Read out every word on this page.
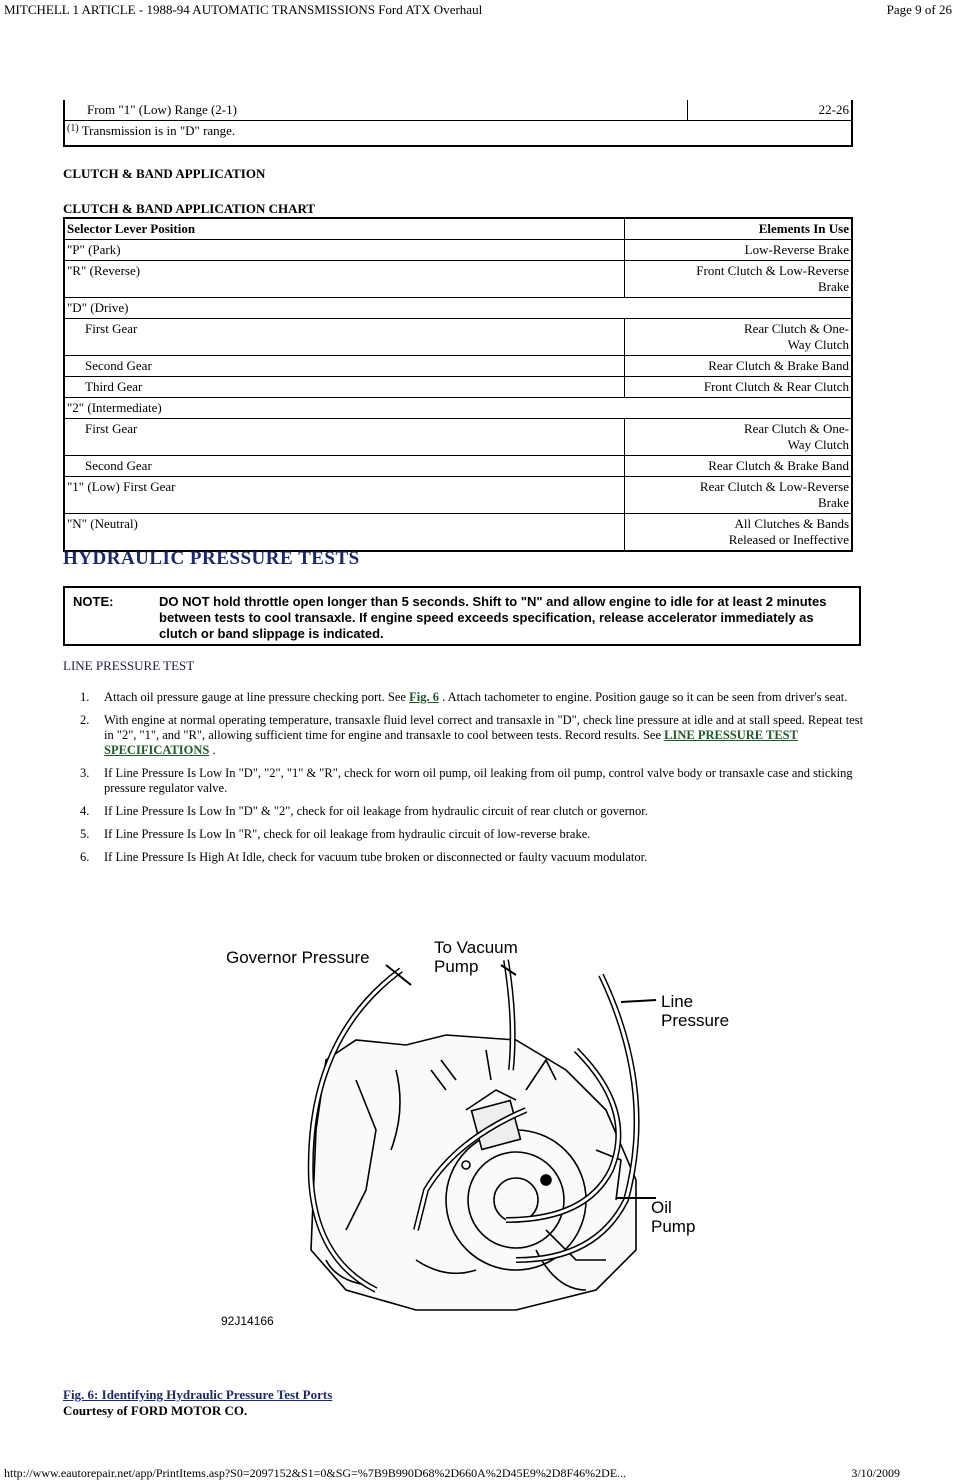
MITCHELL 1 ARTICLE - 1988-94 AUTOMATIC TRANSMISSIONS Ford ATX Overhaul	Page 9 of 26
From "1" (Low) Range (2-1)	22-26
$^{(1)}$ Transmission is in "D" range.
CLUTCH & BAND APPLICATION
CLUTCH & BAND APPLICATION CHART
Selector Lever Position	Elements In Use
"P" (Park)	Low-Reverse Brake
"R" (Reverse)	Front Clutch & Low-Reverse Brake
"D" (Drive)	
First Gear	Rear Clutch & One-Way Clutch
Second Gear	Rear Clutch & Brake Band
Third Gear	Front Clutch & Rear Clutch
"2" (Intermediate)	
First Gear	Rear Clutch & One-Way Clutch
Second Gear	Rear Clutch & Brake Band
"1" (Low) First Gear	Rear Clutch & Low-Reverse Brake
"N" (Neutral)	All Clutches & Bands Released or Ineffective
HYDRAULIC PRESSURE TESTS
NOTE:	DO NOT hold throttle open longer than 5 seconds. Shift to "N" and allow engine to idle for at least 2 minutes between tests to cool transaxle. If engine speed exceeds specification, release accelerator immediately as clutch or band slippage is indicated.
LINE PRESSURE TEST
1. Attach oil pressure gauge at line pressure checking port. See Fig. 6 . Attach tachometer to engine. Position gauge so it can be seen from driver's seat.
2. With engine at normal operating temperature, transaxle fluid level correct and transaxle in "D", check line pressure at idle and at stall speed. Repeat test in "2", "1", and "R", allowing sufficient time for engine and transaxle to cool between tests. Record results. See LINE PRESSURE TEST SPECIFICATIONS .
3. If Line Pressure Is Low In "D", "2", "1" & "R", check for worn oil pump, oil leaking from oil pump, control valve body or transaxle case and sticking pressure regulator valve.
4. If Line Pressure Is Low In "D" & "2", check for oil leakage from hydraulic circuit of rear clutch or governor.
5. If Line Pressure Is Low In "R", check for oil leakage from hydraulic circuit of low-reverse brake.
6. If Line Pressure Is High At Idle, check for vacuum tube broken or disconnected or faulty vacuum modulator.
Governor Pressure
To Vacuum
Pump
Line
Pressure
Oil
Pump
92J14166
Fig. 6: Identifying Hydraulic Pressure Test Ports
Courtesy of FORD MOTOR CO.
http://www.eautorepair.net/app/PrintItems.asp?S0=2097152&S1=0&SG=%7B9B990D68%2D660A%2D45E9%2D8F46%2DE...	3/10/2009
